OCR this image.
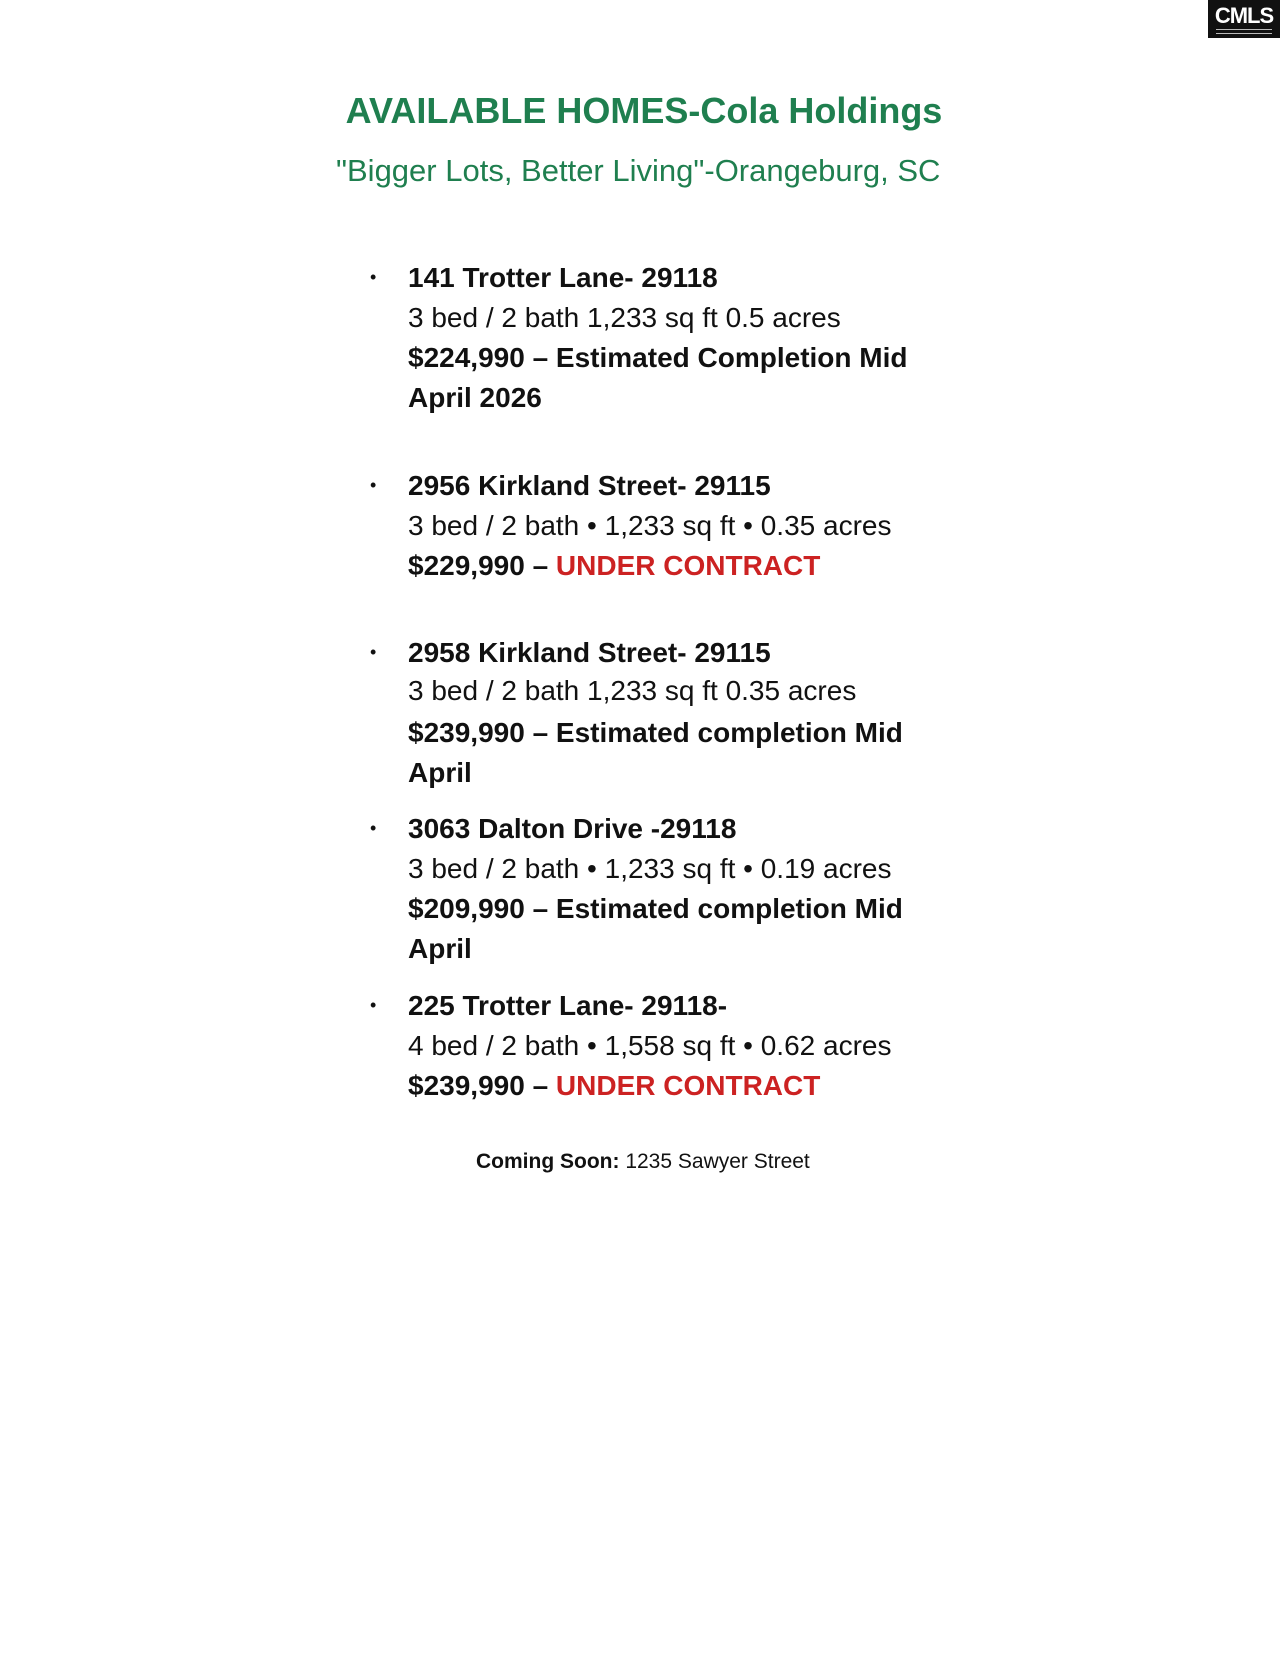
CMLS
AVAILABLE HOMES-Cola Holdings

"Bigger Lots, Better Living"-Orangeburg, SC

• 141 Trotter Lane- 29118
3 bed / 2 bath 1,233 sq ft 0.5 acres
$224,990 – Estimated Completion Mid
April 2026
• 2956 Kirkland Street- 29115
3 bed / 2 bath • 1,233 sq ft • 0.35 acres
$229,990 – UNDER CONTRACT
• 2958 Kirkland Street- 29115
3 bed / 2 bath 1,233 sq ft 0.35 acres
$239,990 – Estimated completion Mid
April
• 3063 Dalton Drive -29118
3 bed / 2 bath • 1,233 sq ft • 0.19 acres
$209,990 – Estimated completion Mid
April
• 225 Trotter Lane- 29118-
4 bed / 2 bath • 1,558 sq ft • 0.62 acres
$239,990 – UNDER CONTRACT
Coming Soon: 1235 Sawyer Street
